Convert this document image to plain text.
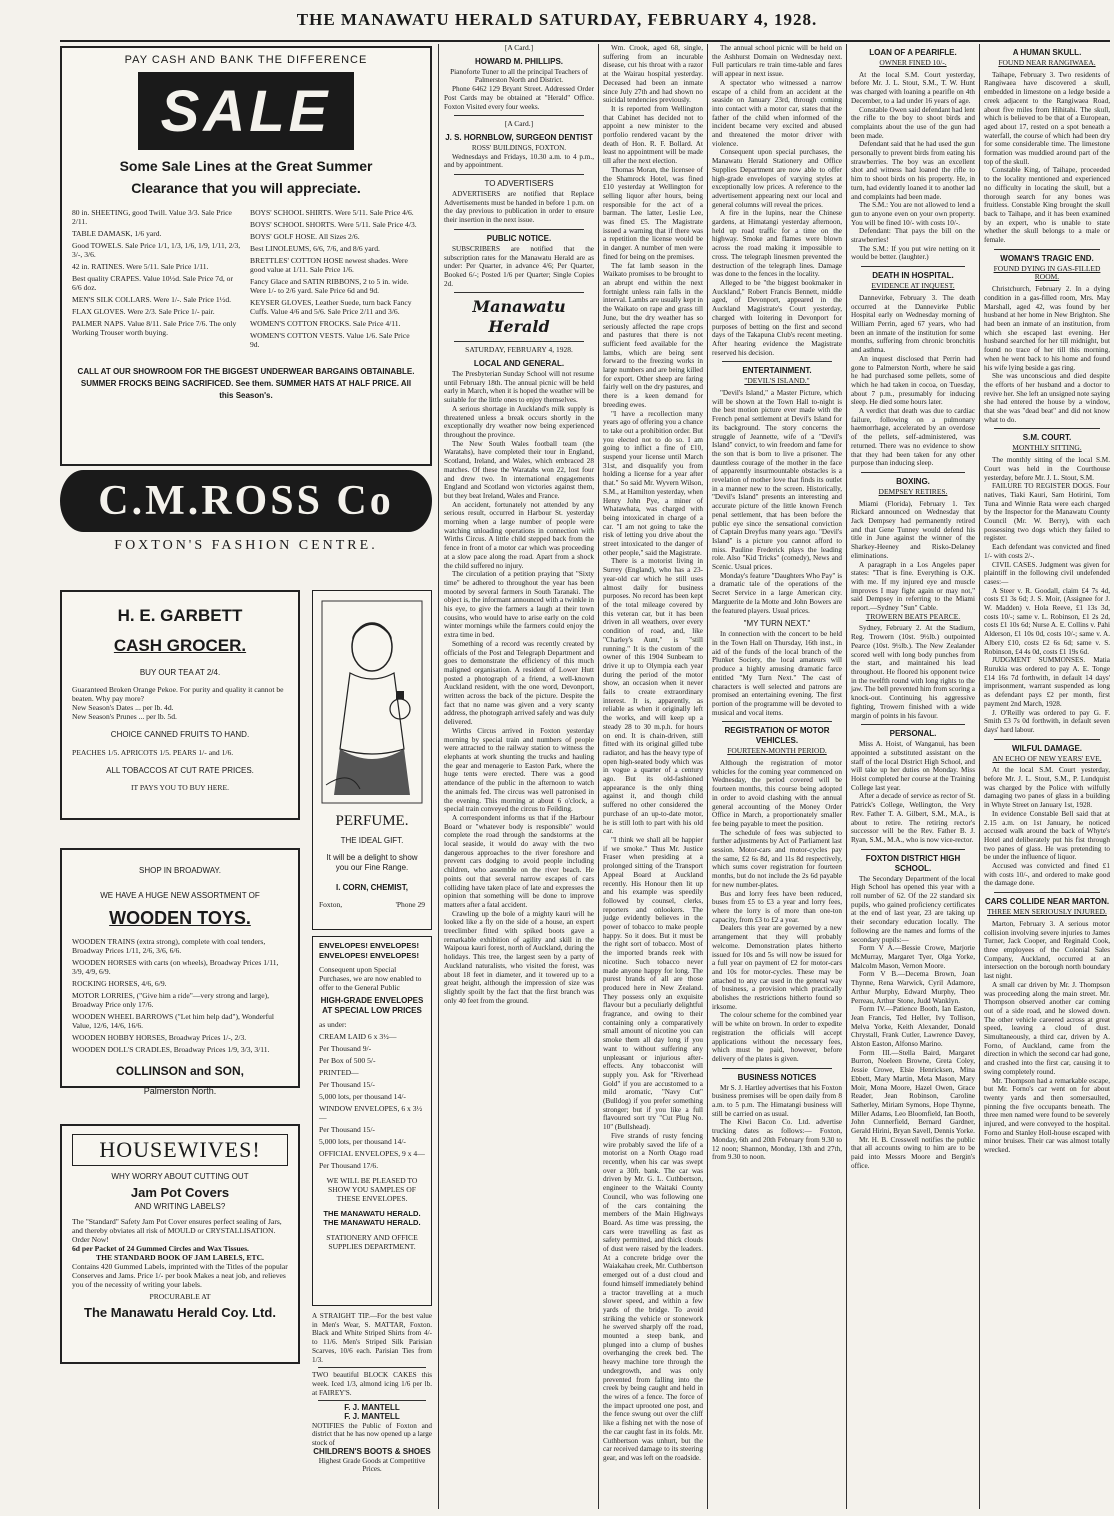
THE MANAWATU HERALD SATURDAY, FEBRUARY 4, 1928.
PAY CASH AND BANK THE DIFFERENCE
SALE
Some Sale Lines at the Great Summer
Clearance that you will appreciate.
80 in. SHEETING, good Twill. Value 3/3. Sale Price 2/11.
TABLE DAMASK, 1/6 yard.
Good TOWELS. Sale Price 1/1, 1/3, 1/6, 1/9, 1/11, 2/3, 3/-, 3/6.
42 in. RATINES. Were 5/11. Sale Price 1/11.
Best quality CRAPES. Value 10½d. Sale Price 7d, or 6/6 doz.
MEN'S SILK COLLARS. Were 1/-. Sale Price 1½d.
FLAX GLOVES. Were 2/3. Sale Price 1/- pair.
PALMER NAPS. Value 8/11. Sale Price 7/6. The only Working Trouser worth buying.
BOYS' SCHOOL SHIRTS. Were 5/11. Sale Price 4/6.
BOYS' SCHOOL SHORTS. Were 5/11. Sale Price 4/3.
BOYS' GOLF HOSE. All Sizes 2/6.
Best LINOLEUMS, 6/6, 7/6, and 8/6 yard.
BRETTLES' COTTON HOSE newest shades. Were good value at 1/11. Sale Price 1/6.
Fancy Glace and SATIN RIBBONS, 2 to 5 in. wide. Were 1/- to 2/6 yard. Sale Price 6d and 9d.
KEYSER GLOVES, Leather Suede, turn back Fancy Cuffs. Value 4/6 and 5/6. Sale Price 2/11 and 3/6.
WOMEN'S COTTON FROCKS. Sale Price 4/11.
WOMEN'S COTTON VESTS. Value 1/6. Sale Price 9d.
CALL AT OUR SHOWROOM FOR THE BIGGEST UNDERWEAR BARGAINS OBTAINABLE. SUMMER FROCKS BEING SACRIFICED. See them. SUMMER HATS AT HALF PRICE. All this Season's.
C.M.ROSS Co
FOXTON'S FASHION CENTRE.
H. E. GARBETT
CASH GROCER.
BUY OUR TEA AT 2/4.
Guaranteed Broken Orange Pekoe. For purity and quality it cannot be beaten. Why pay more?
New Season's Dates ... per lb. 4d.
New Season's Prunes ... per lb. 5d.
CHOICE CANNED FRUITS TO HAND.
PEACHES 1/5. APRICOTS 1/5. PEARS 1/- and 1/6.
ALL TOBACCOS AT CUT RATE PRICES.
IT PAYS YOU TO BUY HERE.
SHOP IN BROADWAY.
WE HAVE A HUGE NEW ASSORTMENT OF
WOODEN TOYS.
WOODEN TRAINS (extra strong), complete with coal tenders, Broadway Prices 1/11, 2/6, 3/6, 6/6.
WOODEN HORSES with carts (on wheels), Broadway Prices 1/11, 3/9, 4/9, 6/9.
ROCKING HORSES, 4/6, 6/9.
MOTOR LORRIES, ("Give him a ride"—very strong and large), Broadway Price only 17/6.
WOODEN WHEEL BARROWS ("Let him help dad"), Wonderful Value, 12/6, 14/6, 16/6.
WOODEN HOBBY HORSES, Broadway Prices 1/-, 2/3.
WOODEN DOLL'S CRADLES, Broadway Prices 1/9, 3/3, 3/11.
COLLINSON and SON,
Palmerston North.
HOUSEWIVES!
WHY WORRY ABOUT CUTTING OUT
Jam Pot Covers
AND WRITING LABELS?
The "Standard" Safety Jam Pot Cover ensures perfect sealing of Jars, and thereby obviates all risk of MOULD or CRYSTALLISATION. Order Now!
6d per Packet of 24 Gummed Circles and Wax Tissues.
THE STANDARD BOOK OF JAM LABELS, ETC.
Contains 420 Gummed Labels, imprinted with the Titles of the popular Conserves and Jams. Price 1/- per book Makes a neat job, and relieves you of the necessity of writing your labels.
PROCURABLE AT
The Manawatu Herald Coy. Ltd.
PERFUME.
THE IDEAL GIFT.
It will be a delight to show you our Fine Range.
I. CORN, CHEMIST,
Foxton,	'Phone 29
[A Card.]
HOWARD M. PHILLIPS.

Pianoforte Tuner to all the principal Teachers of Palmerston North and District.

Phone 6462 129 Bryant Street. Addressed Order Post Cards may be obtained at "Herald" Office. Foxton Visited every four weeks.

[A Card.]
J. S. HORNBLOW, SURGEON DENTIST

ROSS' BUILDINGS, FOXTON.

Wednesdays and Fridays, 10.30 a.m. to 4 p.m., and by appointment.

TO ADVERTISERS

ADVERTISERS are notified that Replace Advertisements must be handed in before 1 p.m. on the day previous to publication in order to ensure their insertion in the next issue.

PUBLIC NOTICE.

SUBSCRIBERS are notified that the subscription rates for the Manawatu Herald are as under: Per Quarter, in advance 4/6; Per Quarter, Booked 6/-; Posted 1/6 per Quarter; Single Copies 2d.

Manawatu Herald
SATURDAY, FEBRUARY 4, 1928.
LOCAL AND GENERAL.

The Presbyterian Sunday School will not resume until February 18th. The annual picnic will be held early in March, when it is hoped the weather will be suitable for the little ones to enjoy themselves.

A serious shortage in Auckland's milk supply is threatened unless a break occurs shortly in the exceptionally dry weather now being experienced throughout the province.

The New South Wales football team (the Waratahs), have completed their tour in England, Scotland, Ireland, and Wales, which embraced 28 matches. Of these the Waratahs won 22, lost four and drew two. In international engagements England and Scotland won victories against them, but they beat Ireland, Wales and France.

An accident, fortunately not attended by any serious result, occurred in Harbour St. yesterday morning when a large number of people were watching unloading operations in connection with Wirths Circus. A little child stepped back from the fence in front of a motor car which was proceeding at a slow pace along the road. Apart from a shock the child suffered no injury.

The circulation of a petition praying that "Sixty time" be adhered to throughout the year has been mooted by several farmers in South Taranaki. The object is, the informant announced with a twinkle in his eye, to give the farmers a laugh at their town cousins, who would have to arise early on the cold winter mornings while the farmers could enjoy the extra time in bed.

Something of a record was recently created by officials of the Post and Telegraph Department and goes to demonstrate the efficiency of this much maligned organisation. A resident of Lower Hutt posted a photograph of a friend, a well-known Auckland resident, with the one word, Devonport, written across the back of the picture. Despite the fact that no name was given and a very scanty address, the photograph arrived safely and was duly delivered.

Wirths Circus arrived in Foxton yesterday morning by special train and numbers of people were attracted to the railway station to witness the elephants at work shunting the trucks and hauling the gear and menagerie to Easton Park, where the huge tents were erected. There was a good attendance of the public in the afternoon to watch the animals fed. The circus was well patronised in the evening. This morning at about 6 o'clock, a special train conveyed the circus to Feilding.

A correspondent informs us that if the Harbour Board or "whatever body is responsible" would complete the road through the sandstorms at the local seaside, it would do away with the two dangerous approaches to the river foreshore and prevent cars dodging to avoid people including children, who assemble on the river beach. He points out that several narrow escapes of cars colliding have taken place of late and expresses the opinion that something will be done to improve matters after a fatal accident.

Crawling up the bole of a mighty kauri will he looked like a fly on the side of a house, an expert treeclimber fitted with spiked boots gave a remarkable exhibition of agility and skill in the Waipoua kauri forest, north of Auckland, during the holidays. This tree, the largest seen by a party of Auckland naturalists, who visited the forest, was about 18 feet in diameter, and it towered up to a great height, although the impression of size was slightly spoilt by the fact that the first branch was only 40 feet from the ground.

ENVELOPES! ENVELOPES! ENVELOPES! ENVELOPES!
Consequent upon Special Purchases, we are now enabled to offer to the General Public
HIGH-GRADE ENVELOPES AT SPECIAL LOW PRICES
as under:
CREAM LAID 6 x 3½—
Per Thousand 9/-
Per Box of 500 5/-
PRINTED—
Per Thousand 15/-
5,000 lots, per thousand 14/-
WINDOW ENVELOPES, 6 x 3½—
Per Thousand 15/-
5,000 lots, per thousand 14/-
OFFICIAL ENVELOPES, 9 x 4—
Per Thousand 17/6.
WE WILL BE PLEASED TO SHOW YOU SAMPLES OF THESE ENVELOPES.
THE MANAWATU HERALD.
THE MANAWATU HERALD.
STATIONERY AND OFFICE SUPPLIES DEPARTMENT.
A STRAIGHT TIP.—For the best value in Men's Wear, S. MATTAR, Foxton. Black and White Striped Shirts from 4/- to 11/6. Men's Striped Silk Parisian Scarves, 10/6 each. Parisian Ties from 1/3.
TWO beautiful BLOCK CAKES this week. Iced 1/3, almond icing 1/6 per lb. at FAIREY'S.
F. J. MANTELL
F. J. MANTELL
NOTIFIES the Public of Foxton and district that he has now opened up a large stock of
CHILDREN'S BOOTS & SHOES
Highest Grade Goods at Competitive Prices.

Wm. Crook, aged 68, single, suffering from an incurable disease, cut his throat with a razor at the Wairau hospital yesterday. Deceased had been an inmate since July 27th and had shown no suicidal tendencies previously.

It is reported from Wellington that Cabinet has decided not to appoint a new minister to the portfolio rendered vacant by the death of Hon. R. F. Bollard. At least no appointment will be made till after the next election.

Thomas Moran, the licensee of the Shamrock Hotel, was fined £10 yesterday at Wellington for selling liquor after hours, being responsible for the act of a barman. The latter, Leslie Lee, was fined £5. The Magistrate issued a warning that if there was a repetition the license would be in danger. A number of men were fined for being on the premises.

The fat lamb season in the Waikato promises to be brought to an abrupt end within the next fortnight unless rain falls in the interval. Lambs are usually kept in the Waikato on rape and grass till June, but the dry weather has so seriously affected the rape crops and pastures that there is not sufficient feed available for the lambs, which are being sent forward to the freezing works in large numbers and are being killed for export. Other sheep are faring fairly well on the dry pastures, and there is a keen demand for breeding ewes.

"I have a recollection many years ago of offering you a chance to take out a prohibition order. But you elected not to do so. I am going to inflict a fine of £10, suspend your license until March 31st, and disqualify you from holding a license for a year after that." So said Mr. Wyvern Wilson, S.M., at Hamilton yesterday, when Henry John Pye, a miner of Whatawhata, was charged with being intoxicated in charge of a car. "I am not going to take the risk of letting you drive about the street intoxicated to the danger of other people," said the Magistrate.

There is a motorist living in Surrey (England), who has a 23-year-old car which he still uses almost daily for business purposes. No record has been kept of the total mileage covered by this veteran car, but it has been driven in all weathers, over every condition of road, and, like "Charley's Aunt," is "still running." It is the custom of the owner of this 1904 Sunbeam to drive it up to Olympia each year during the period of the motor show, an occasion when it never fails to create extraordinary interest. It is, apparently, as reliable as when it originally left the works, and will keep up a steady 28 to 30 m.p.h. for hours on end. It is chain-driven, still fitted with its original gilled tube radiator, and has the heavy type of open high-seated body which was in vogue a quarter of a century ago. But its old-fashioned appearance is the only thing against it, and though child suffered no other considered the purchase of an up-to-date motor, he is still loth to part with his old car.

"I think we shall all be happier if we smoke." Thus Mr. Justice Fraser when presiding at a prolonged sitting of the Transport Appeal Board at Auckland recently. His Honour then lit up and his example was speedily followed by counsel, clerks, reporters and onlookers. The judge evidently believes in the power of tobacco to make people happy. So it does. But it must be the right sort of tobacco. Most of the imported brands reek with nicotine. Such tobacco never made anyone happy for long. The purest brands of all are those produced here in New Zealand. They possess only an exquisite flavour but a peculiarly delightful fragrance, and owing to their containing only a comparatively small amount of nicotine you can smoke them all day long if you want to without suffering any unpleasant or injurious after-effects. Any tobacconist will supply you. Ask for "Riverhead Gold" if you are accustomed to a mild aromatic, "Navy Cut" (Bulldog) if you prefer something stronger; but if you like a full flavoured sort try "Cut Plug No. 10" (Bullshead).

Five strands of rusty fencing wire probably saved the life of a motorist on a North Otago road recently, when his car was swept over a 30ft. bank. The car was driven by Mr. G. L. Cuthbertson, engineer to the Waitaki County Council, who was following one of the cars containing the members of the Main Highways Board. As time was pressing, the cars were travelling as fast as safety permitted, and thick clouds of dust were raised by the leaders. At a concrete bridge over the Waiakahau creek, Mr. Cuthbertson emerged out of a dust cloud and found himself immediately behind a tractor travelling at a much slower speed, and within a few yards of the bridge. To avoid striking the vehicle or stonework he swerved sharply off the road, mounted a steep bank, and plunged into a clump of bushes overhanging the creek bed. The heavy machine tore through the undergrowth, and was only prevented from falling into the creek by being caught and held in the wires of a fence. The force of the impact uprooted one post, and the fence swung out over the cliff like a fishing net with the nose of the car caught fast in its folds. Mr. Cuthbertson was unhurt, but the car received damage to its steering gear, and was left on the roadside.

The annual school picnic will be held on the Ashhurst Domain on Wednesday next. Full particulars re train time-table and fares will appear in next issue.

A spectator who witnessed a narrow escape of a child from an accident at the seaside on January 23rd, through coming into contact with a motor car, states that the father of the child when informed of the incident became very excited and abused and threatened the motor driver with violence.

Consequent upon special purchases, the Manawatu Herald Stationery and Office Supplies Department are now able to offer high-grade envelopes of varying styles at exceptionally low prices. A reference to the advertisement appearing next our local and general columns will reveal the prices.

A fire in the lupins, near the Chinese gardens, at Himatangi yesterday afternoon, held up road traffic for a time on the highway. Smoke and flames were blown across the road making it impossible to cross. The telegraph linesmen prevented the destruction of the telegraph lines. Damage was done to the fences in the locality.

Alleged to be "the biggest bookmaker in Auckland," Robert Francis Bennett, middle aged, of Devonport, appeared in the Auckland Magistrate's Court yesterday, charged with loitering in Devonport for purposes of betting on the first and second days of the Takapuna Club's recent meeting. After hearing evidence the Magistrate reserved his decision.

ENTERTAINMENT.
"DEVIL'S ISLAND."

"Devil's Island," a Master Picture, which will be shown at the Town Hall to-night is the best motion picture ever made with the French penal settlement at Devil's Island for its background. The story concerns the struggle of Jeannette, wife of a "Devil's Island" convict, to win freedom and fame for the son that is born to live a prisoner. The dauntless courage of the mother in the face of apparently insurmountable obstacles is a revelation of mother love that finds its outlet in a manner new to the screen. Historically, "Devil's Island" presents an interesting and accurate picture of the little known French penal settlement, that has been before the public eye since the sensational conviction of Captain Dreyfus many years ago. "Devil's Island" is a picture you cannot afford to miss. Pauline Frederick plays the leading role. Also "Kid Tricks" (comedy), News and Scenic. Usual prices.

Monday's feature "Daughters Who Pay" is a dramatic tale of the operations of the Secret Service in a large American city. Marguerite de la Motte and John Bowers are the featured players. Usual prices.

"MY TURN NEXT."

In connection with the concert to be held in the Town Hall on Thursday, 16th inst., in aid of the funds of the local branch of the Plunket Society, the local amateurs will produce a highly amusing dramatic farce entitled "My Turn Next." The cast of characters is well selected and patrons are promised an entertaining evening. The first portion of the programme will be devoted to musical and vocal items.

REGISTRATION OF MOTOR VEHICLES.
FOURTEEN-MONTH PERIOD.

Although the registration of motor vehicles for the coming year commenced on Wednesday, the period covered will be fourteen months, this course being adopted in order to avoid clashing with the annual general accounting of the Money Order Office in March, a proportionately smaller fee being payable to meet the position.

The schedule of fees was subjected to further adjustments by Act of Parliament last session. Motor-cars and motor-cycles pay the same, £2 6s 8d, and 11s 8d respectively, which sums cover registration for fourteen months, but do not include the 2s 6d payable for new number-plates.

Bus and lorry fees have been reduced, buses from £5 to £3 a year and lorry fees, where the lorry is of more than one-ton capacity, from £3 to £2 a year.

Dealers this year are governed by a new arrangement that they will probably welcome. Demonstration plates hitherto issued for 10s and 5s will now be issued for a full year on payment of £2 for motor-cars and 10s for motor-cycles. These may be attached to any car used in the general way of business, a provision which practically abolishes the restrictions hitherto found so irksome.

The colour scheme for the combined year will be white on brown. In order to expedite registration the officials will accept applications without the necessary fees, which must be paid, however, before delivery of the plates is given.

BUSINESS NOTICES

Mr S. J. Hartley advertises that his Foxton business premises will be open daily from 8 a.m. to 5 p.m. The Himatangi business will still be carried on as usual.

The Kiwi Bacon Co. Ltd. advertise trucking dates as follows:— Foxton, Monday, 6th and 20th February from 9.30 to 12 noon; Shannon, Monday, 13th and 27th, from 9.30 to noon.

LOAN OF A PEARIFLE.
OWNER FINED 10/-.

At the local S.M. Court yesterday, before Mr. J. L. Stout, S.M., T. W. Hunt was charged with loaning a pearifle on 4th December, to a lad under 16 years of age.

Constable Owen said defendant had lent the rifle to the boy to shoot birds and complaints about the use of the gun had been made.

Defendant said that he had used the gun personally to prevent birds from eating his strawberries. The boy was an excellent shot and witness had loaned the rifle to him to shoot birds on his property. He, in turn, had evidently loaned it to another lad and complaints had been made.

The S.M.: You are not allowed to lend a gun to anyone even on your own property. You will be fined 10/- with costs 10/-.

Defendant: That pays the bill on the strawberries!

The S.M.: If you put wire netting on it would be better. (laughter.)

DEATH IN HOSPITAL.
EVIDENCE AT INQUEST.

Dannevirke, February 3. The death occurred at the Dannevirke Public Hospital early on Wednesday morning of William Perrin, aged 67 years, who had been an inmate of the institution for some months, suffering from chronic bronchitis and asthma.

An inquest disclosed that Perrin had gone to Palmerston North, where he said he had purchased some pellets, some of which he had taken in cocoa, on Tuesday, about 7 p.m., presumably for inducing sleep. He died some hours later.

A verdict that death was due to cardiac failure, following on a pulmonary haemorrhage, accelerated by an overdose of the pellets, self-administered, was returned. There was no evidence to show that they had been taken for any other purpose than inducing sleep.

BOXING.
DEMPSEY RETIRES.

Miami (Florida), February 1. Tex Rickard announced on Wednesday that Jack Dempsey had permanently retired and that Gene Tunney would defend his title in June against the winner of the Sharkey-Heeney and Risko-Delaney eliminations.

A paragraph in a Los Angeles paper states: "That is fine. Everything is O.K. with me. If my injured eye and muscle improves I may fight again or may not," said Dempsey in referring to the Miami report.—Sydney "Sun" Cable.

TROWERN BEATS PEARCE.

Sydney, February 2. At the Stadium, Reg. Trowern (10st. 9½lb.) outpointed Pearce (10st. 9½lb.). The New Zealander scored well with long body punches from the start, and maintained his lead throughout. He floored his opponent twice in the twelfth round with long rights to the jaw. The bell prevented him from scoring a knock-out. Continuing his aggressive fighting, Trowern finished with a wide margin of points in his favour.

PERSONAL.

Miss A. Hoist, of Wanganui, has been appointed a substituted assistant on the staff of the local District High School, and will take up her duties on Monday. Miss Hoist completed her course at the Training College last year.

After a decade of service as rector of St. Patrick's College, Wellington, the Very Rev. Father T. A. Gilbert, S.M., M.A., is about to retire. The retiring rector's successor will be the Rev. Father B. J. Ryan, S.M., M.A., who is now vice-rector.

FOXTON DISTRICT HIGH SCHOOL.

The Secondary Department of the local High School has opened this year with a roll number of 62. Of the 22 standard six pupils, who gained proficiency certificates at the end of last year, 23 are taking up their secondary education locally. The following are the names and forms of the secondary pupils:—

Form V A.—Bessie Crowe, Marjorie McMurray, Margaret Tyer, Olga Yorke, Malcolm Mason, Vernon Moore.

Form V B.—Decema Brown, Joan Thynne, Rena Warwick, Cyril Adamore, Arthur Murphy, Edward Murphy, Theo Perreau, Arthur Stone, Judd Wanklyn.

Form IV.—Patience Booth, Ian Easton, Jean Francis, Ted Heller, Ivy Tollison, Melva Yorke, Keith Alexander, Donald Chrystall, Frank Cutler, Lawrence Davey, Alston Easton, Alfonso Marino.

Form III.—Stella Baird, Margaret Burron, Noeleen Browne, Greta Coley, Jessie Crowe, Elsie Henricksen, Mina Ebbett, Mary Martin, Meta Mason, Mary Moir, Mona Moore, Hazel Owen, Grace Reader, Jean Robinson, Caroline Satherley, Miriam Symons, Hope Thynne, Miller Adams, Leo Bloomfield, Ian Booth, John Cunnerfield, Bernard Gardner, Gerald Hirini, Bryan Savell, Dennis Yorke.

Mr. H. B. Cresswell notifies the public that all accounts owing to him are to be paid into Messrs Moore and Bergin's office.

A HUMAN SKULL.
FOUND NEAR RANGIWAEA.

Taihape, February 3. Two residents of Rangiwaea have discovered a skull, embedded in limestone on a ledge beside a creek adjacent to the Rangiwaea Road, about five miles from Hihitahi. The skull, which is believed to be that of a European, aged about 17, rested on a spot beneath a waterfall, the course of which had been dry for some considerable time. The limestone formation was muddied around part of the top of the skull.

Constable King, of Taihape, proceeded to the locality mentioned and experienced no difficulty in locating the skull, but a thorough search for any bones was fruitless. Constable King brought the skull back to Taihape, and it has been examined by an expert, who is unable to state whether the skull belongs to a male or female.

WOMAN'S TRAGIC END.
FOUND DYING IN GAS-FILLED ROOM.

Christchurch, February 2. In a dying condition in a gas-filled room, Mrs. May Marshall, aged 42, was found by her husband at her home in New Brighton. She had been an inmate of an institution, from which she escaped last evening. Her husband searched for her till midnight, but found no trace of her till this morning, when he went back to his home and found his wife lying beside a gas ring.

She was unconscious and died despite the efforts of her husband and a doctor to revive her. She left an unsigned note saying she had entered the house by a window, that she was "dead beat" and did not know what to do.

S.M. COURT.
MONTHLY SITTING.

The monthly sitting of the local S.M. Court was held in the Courthouse yesterday, before Mr. J. L. Stout, S.M.

FAILURE TO REGISTER DOGS. Four natives, Tiaki Kauri, Sam Hotirini, Tom Tuna and Winnie Rata were each charged by the Inspector for the Manawatu County Council (Mr. W. Berry), with each possessing two dogs which they failed to register.

Each defendant was convicted and fined 1/- with costs 2/-.

CIVIL CASES. Judgment was given for plaintiff in the following civil undefended cases:—

A Steer v. R. Goodall, claim £4 7s 4d, costs £1 3s 6d; J. S. Moir, (Assignee for J. W. Madden) v. Hola Reeve, £1 13s 3d, costs 10/-; same v. L. Robinson, £1 2s 2d, costs £1 10s 6d; Nurse A. E. Collins v. Pahi Alderson, £1 10s 0d, costs 10/-; same v. A. Albery £10, costs £2 6s 6d; same v. S. Robinson, £4 4s 0d, costs £1 19s 6d.

JUDGMENT SUMMONSES. Matia Rurukia was ordered to pay A. E. Tonge £14 16s 7d forthwith, in default 14 days' imprisonment, warrant suspended as long as defendant pays £2 per month, first payment 2nd March, 1928.

J. O'Reilly was ordered to pay G. F. Smith £3 7s 0d forthwith, in default seven days' hard labour.

WILFUL DAMAGE.
AN ECHO OF NEW YEARS' EVE.

At the local S.M. Court yesterday, before Mr. J. L. Stout, S.M., P. Lundquist was charged by the Police with wilfully damaging two panes of glass in a building in Whyte Street on January 1st, 1928.

In evidence Constable Bell said that at 2.15 a.m. on 1st January, he noticed accused walk around the back of Whyte's Hotel and deliberately put his fist through two panes of glass. He was pretending to be under the influence of liquor.

Accused was convicted and fined £1 with costs 10/-, and ordered to make good the damage done.

CARS COLLIDE NEAR MARTON.
THREE MEN SERIOUSLY INJURED.

Marton, February 3. A serious motor collision involving severe injuries to James Turner, Jack Cooper, and Reginald Cook, three employees of the Colonial Sales Company, Auckland, occurred at an intersection on the borough north boundary last night.

A small car driven by Mr. J. Thompson was proceeding along the main street. Mr. Thompson observed another car coming out of a side road, and he slowed down. The other vehicle careered across at great speed, leaving a cloud of dust. Simultaneously, a third car, driven by A. Forno, of Auckland, came from the direction in which the second car had gone, and crashed into the first car, causing it to swing completely round.

Mr. Thompson had a remarkable escape, but Mr. Forno's car went on for about twenty yards and then somersaulted, pinning the five occupants beneath. The three men named were found to be severely injured, and were conveyed to the hospital. Forno and Stanley Holl-house escaped with minor bruises. Their car was almost totally wrecked.
